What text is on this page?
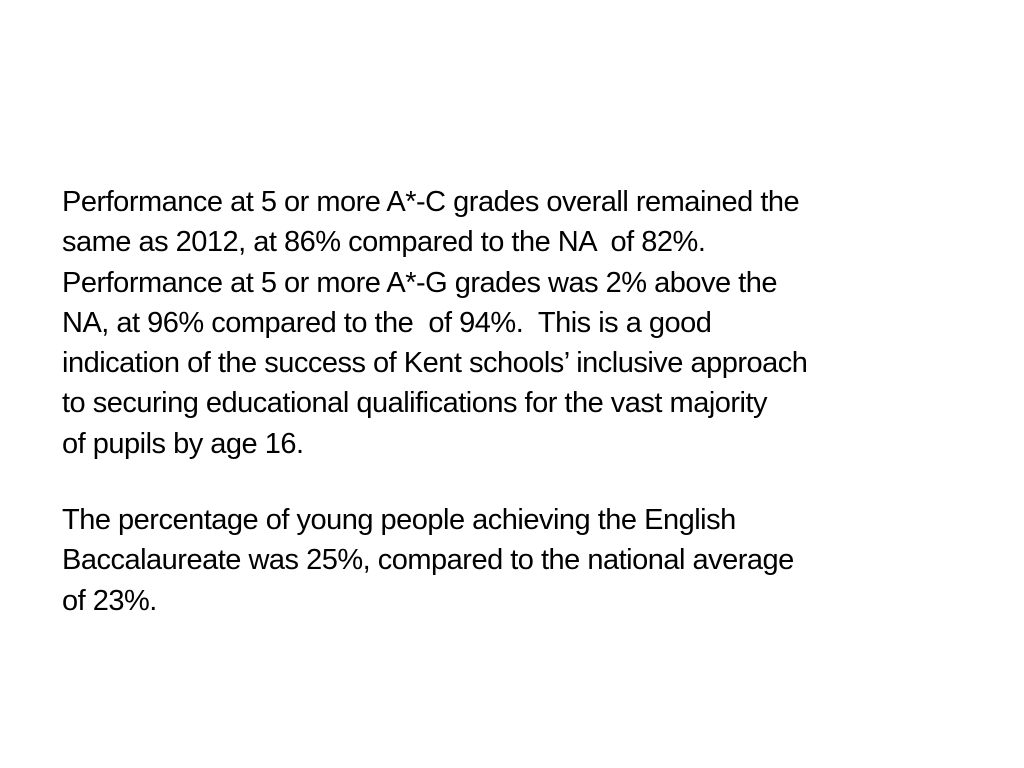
Performance at 5 or more A*-C grades overall remained the
same as 2012, at 86% compared to the NA  of 82%.
Performance at 5 or more A*-G grades was 2% above the
NA, at 96% compared to the  of 94%.  This is a good
indication of the success of Kent schools’ inclusive approach
to securing educational qualifications for the vast majority
of pupils by age 16.

The percentage of young people achieving the English
Baccalaureate was 25%, compared to the national average
of 23%.
